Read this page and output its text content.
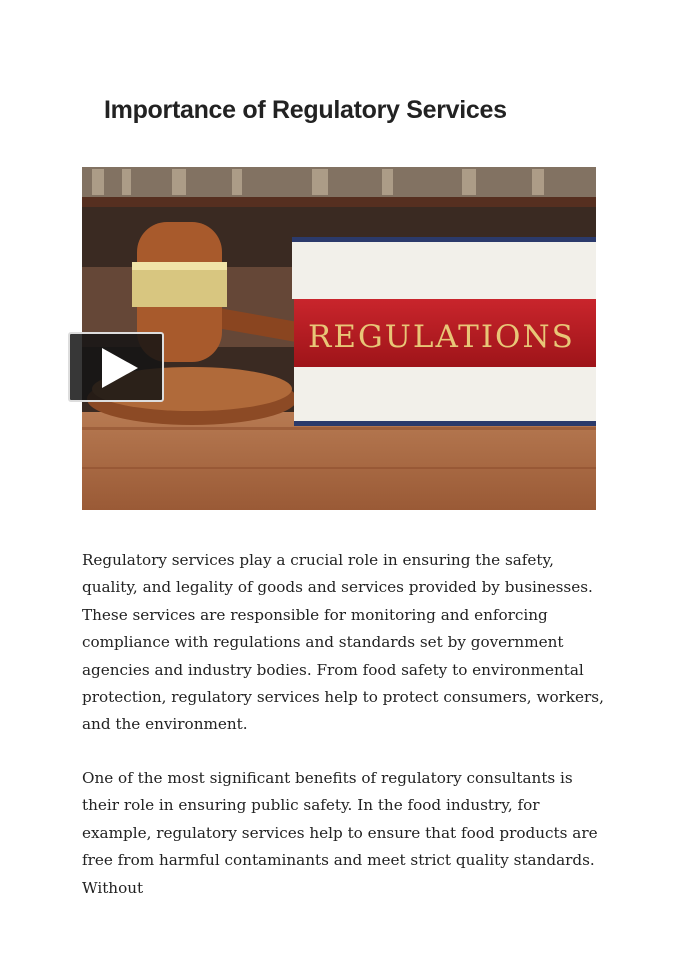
Importance of Regulatory Services
REGULATIONS
Regulatory services play a crucial role in ensuring the safety,
quality, and legality of goods and services provided by businesses.
These services are responsible for monitoring and enforcing
compliance with regulations and standards set by government
agencies and industry bodies. From food safety to environmental
protection, regulatory services help to protect consumers, workers,
and the environment.
One of the most significant benefits of regulatory consultants is
their role in ensuring public safety. In the food industry, for
example, regulatory services help to ensure that food products are
free from harmful contaminants and meet strict quality standards.
Without
